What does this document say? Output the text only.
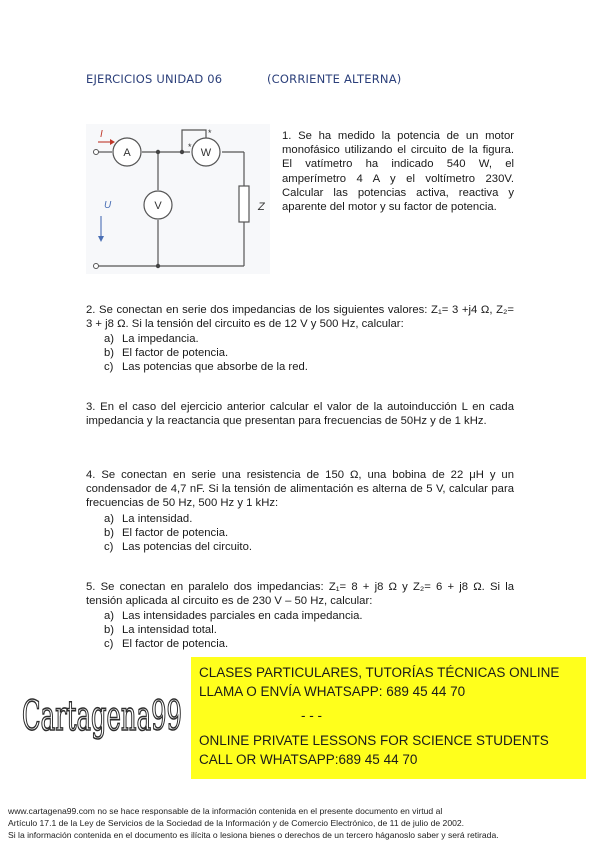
EJERCICIOS UNIDAD 06	(CORRIENTE ALTERNA)
A	W
*
*
V	Z
I
U

1. Se ha medido la potencia de un motor monofásico utilizando el circuito de la figura. El vatímetro ha indicado 540 W, el amperímetro 4 A y el voltímetro 230V. Calcular las potencias activa, reactiva y aparente del motor y su factor de potencia.

2. Se conectan en serie dos impedancias de los siguientes valores: Z₁= 3 +j4 Ω, Z₂= 3 + j8 Ω. Si la tensión del circuito es de 12 V y 500 Hz, calcular:

a) La impedancia.
b) El factor de potencia.
c) Las potencias que absorbe de la red.

3. En el caso del ejercicio anterior calcular el valor de la autoinducción L en cada impedancia y la reactancia que presentan para frecuencias de 50Hz y de 1 kHz.

4. Se conectan en serie una resistencia de 150 Ω, una bobina de 22 μH y un condensador de 4,7 nF. Si la tensión de alimentación es alterna de 5 V, calcular para frecuencias de 50 Hz, 500 Hz y 1 kHz:

a) La intensidad.
b) El factor de potencia.
c) Las potencias del circuito.

5. Se conectan en paralelo dos impedancias: Z₁= 8 + j8 Ω y Z₂= 6 + j8 Ω. Si la tensión aplicada al circuito es de 230 V – 50 Hz, calcular:

a) Las intensidades parciales en cada impedancia.
b) La intensidad total.
c) El factor de potencia.
Cartagena99
CLASES PARTICULARES, TUTORÍAS TÉCNICAS ONLINE
LLAMA O ENVÍA WHATSAPP: 689 45 44 70
- - -
ONLINE PRIVATE LESSONS FOR SCIENCE STUDENTS
CALL OR WHATSAPP:689 45 44 70
www.cartagena99.com no se hace responsable de la información contenida en el presente documento en virtud al
Artículo 17.1 de la Ley de Servicios de la Sociedad de la Información y de Comercio Electrónico, de 11 de julio de 2002.
Si la información contenida en el documento es ilícita o lesiona bienes o derechos de un tercero háganoslo saber y será retirada.
